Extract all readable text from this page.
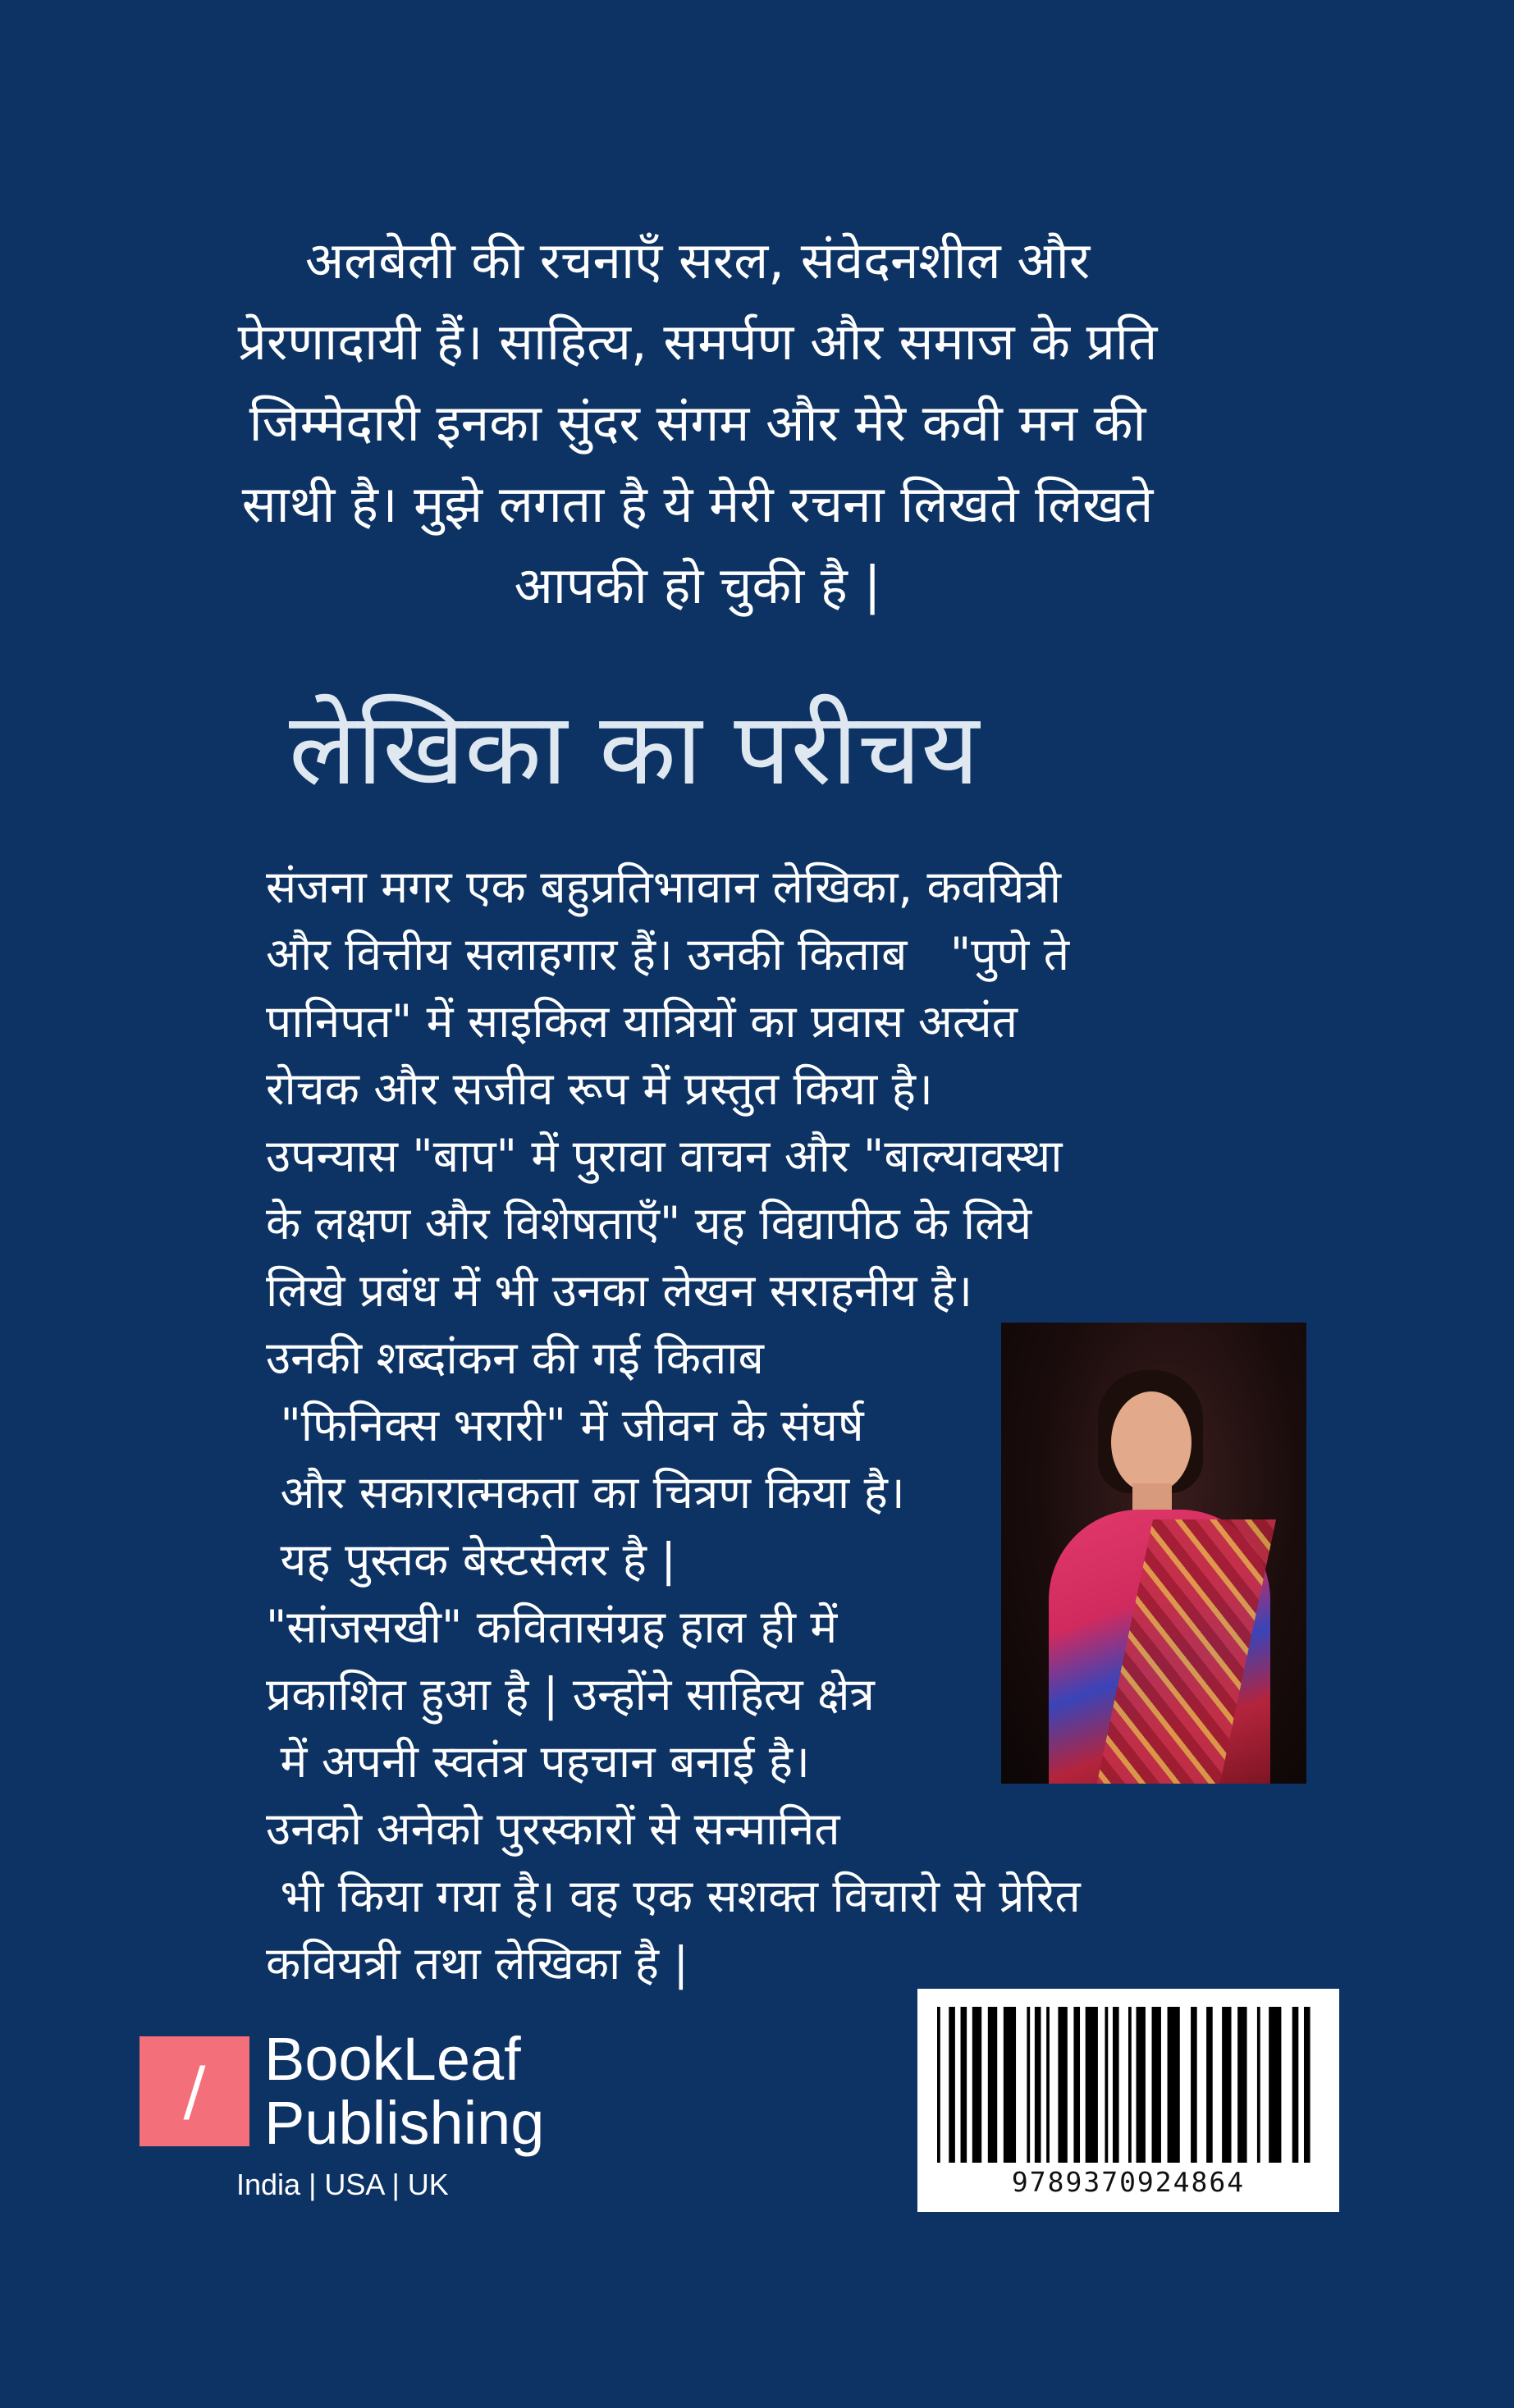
अलबेली की रचनाएँ सरल, संवेदनशील और
प्रेरणादायी हैं। साहित्य, समर्पण और समाज के प्रति
जिम्मेदारी इनका सुंदर संगम और मेरे कवी मन की
साथी है। मुझे लगता है ये मेरी रचना लिखते लिखते
आपकी हो चुकी है |
लेखिका का परीचय
संजना मगर एक बहुप्रतिभावान लेखिका, कवयित्री
और वित्तीय सलाहगार हैं। उनकी किताब   "पुणे ते
पानिपत" में साइकिल यात्रियों का प्रवास अत्यंत
रोचक और सजीव रूप में प्रस्तुत किया है।
उपन्यास "बाप" में पुरावा वाचन और "बाल्यावस्था
के लक्षण और विशेषताएँ" यह विद्यापीठ के लिये
लिखे प्रबंध में भी उनका लेखन सराहनीय है।
उनकी शब्दांकन की गई किताब
"फिनिक्स भरारी" में जीवन के संघर्ष
और सकारात्मकता का चित्रण किया है।
यह पुस्तक बेस्टसेलर है |
"सांजसखी" कवितासंग्रह हाल ही में
प्रकाशित हुआ है | उन्होंने साहित्य क्षेत्र
में अपनी स्वतंत्र पहचान बनाई है।
उनको अनेको पुरस्कारों से सन्मानित
भी किया गया है। वह एक सशक्त विचारो से प्रेरित
कवियत्री तथा लेखिका है |
/ BookLeaf
Publishing
India | USA | UK	9789370924864
